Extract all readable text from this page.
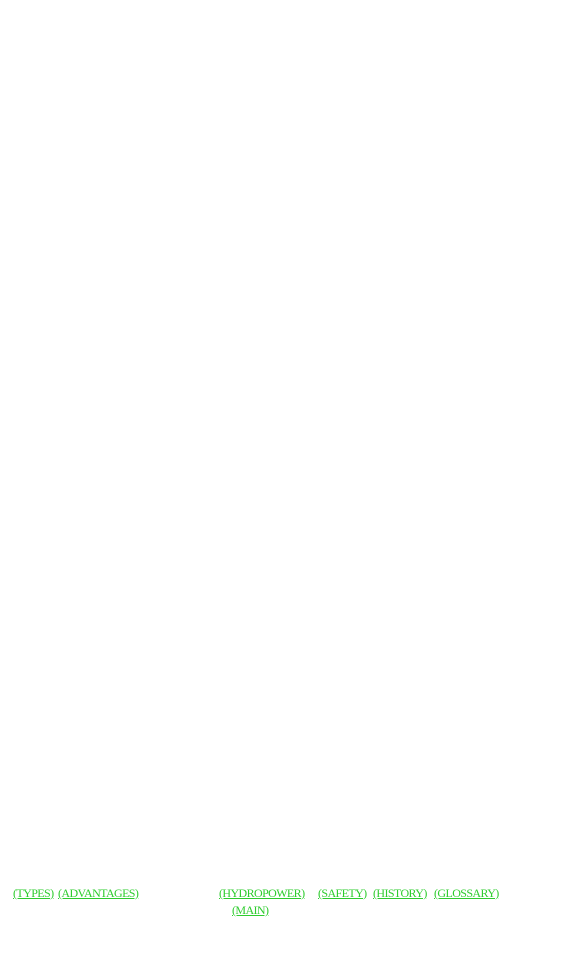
(TYPES) (ADVANTAGES)	(HYDROPOWER) (SAFETY) (HISTORY) (GLOSSARY)
(MAIN)
